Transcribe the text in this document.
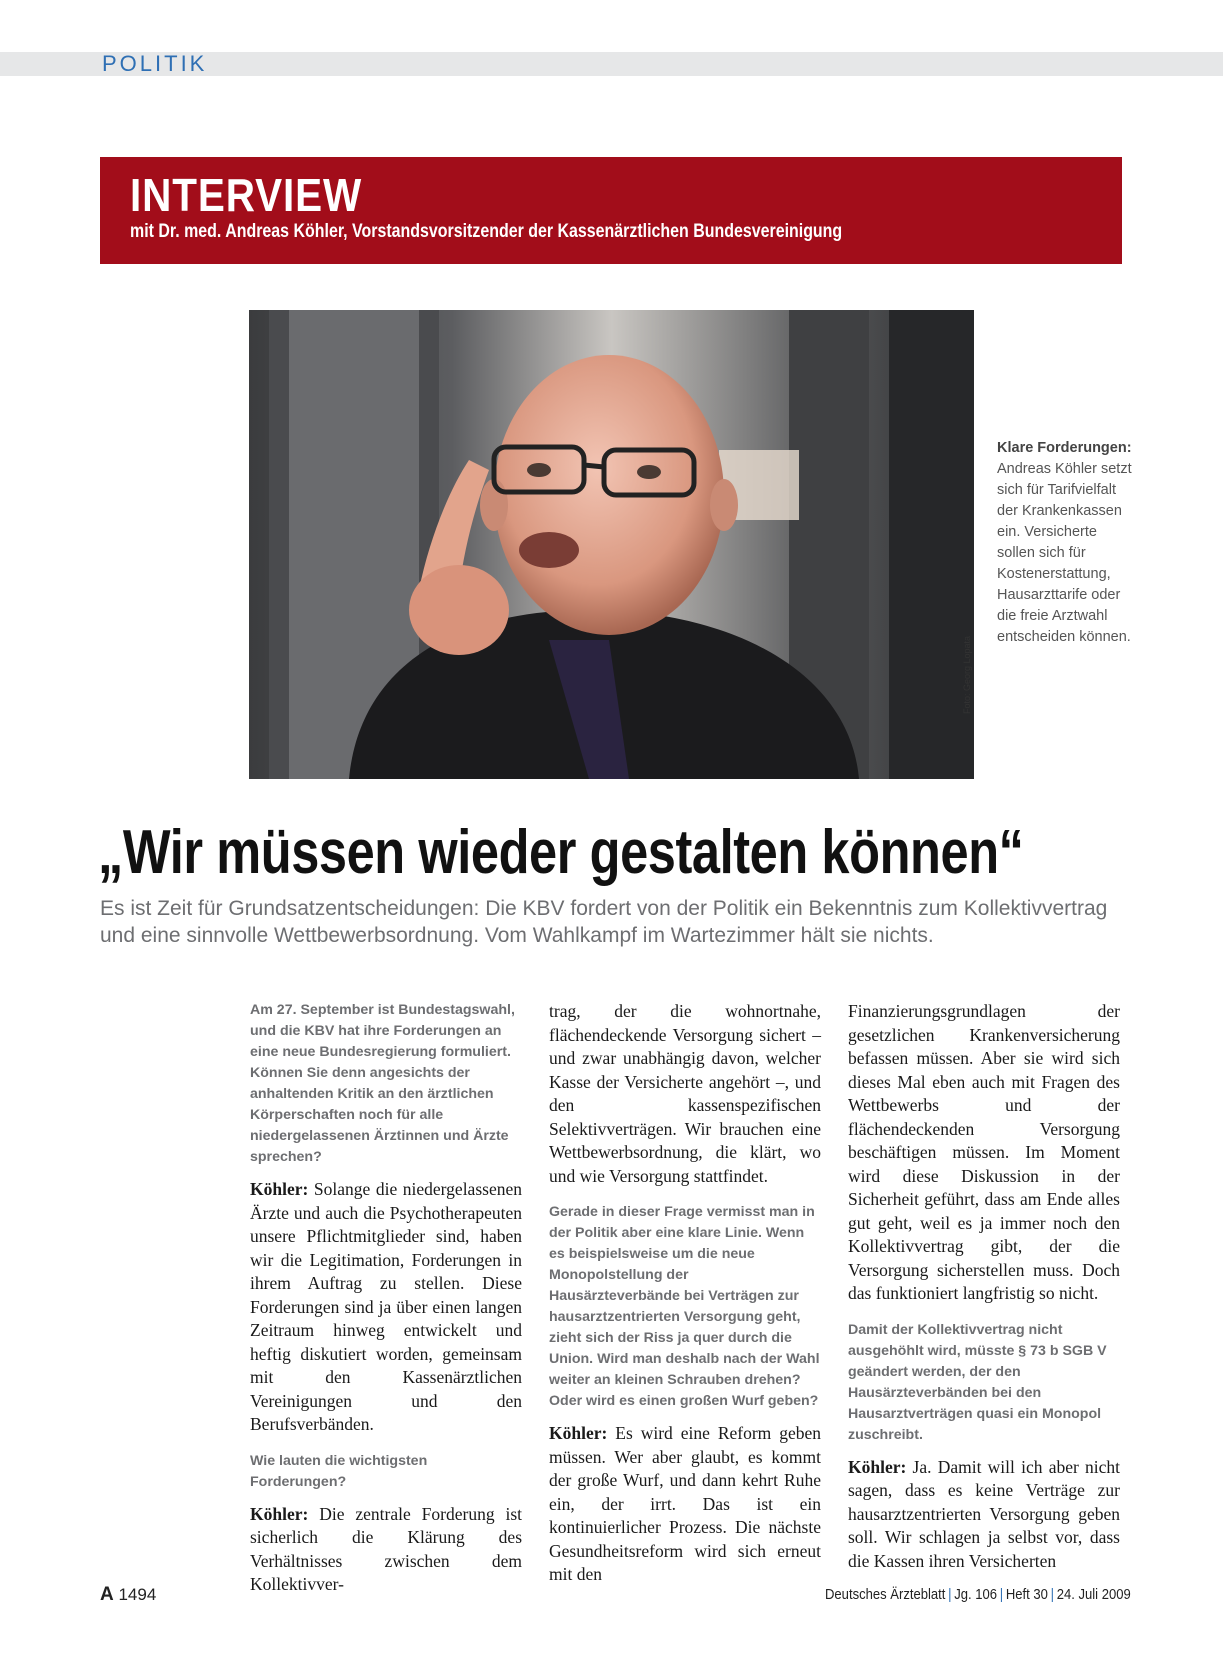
POLITIK
INTERVIEW
mit Dr. med. Andreas Köhler, Vorstandsvorsitzender der Kassenärztlichen Bundesvereinigung
Foto: Georg Lopata
Klare Forderungen: Andreas Köhler setzt sich für Tarifvielfalt der Krankenkassen ein. Versicherte sollen sich für Kostenerstattung, Hausarzttarife oder die freie Arztwahl entscheiden können.
„Wir müssen wieder gestalten können“
Es ist Zeit für Grundsatzentscheidungen: Die KBV fordert von der Politik ein Bekenntnis zum Kollektivvertrag und eine sinnvolle Wettbewerbsordnung. Vom Wahlkampf im Wartezimmer hält sie nichts.

Am 27. September ist Bundestagswahl, und die KBV hat ihre Forderungen an eine neue Bundesregierung formuliert. Können Sie denn angesichts der anhaltenden Kritik an den ärztlichen Körperschaften noch für alle niedergelassenen Ärztinnen und Ärzte sprechen?

Köhler: Solange die niedergelassenen Ärzte und auch die Psychotherapeuten unsere Pflichtmitglieder sind, haben wir die Legitimation, Forderungen in ihrem Auftrag zu stellen. Diese Forderungen sind ja über einen langen Zeitraum hinweg entwickelt und heftig diskutiert worden, gemeinsam mit den Kassenärztlichen Vereinigungen und den Berufsverbänden.

Wie lauten die wichtigsten Forderungen?

Köhler: Die zentrale Forderung ist sicherlich die Klärung des Verhältnisses zwischen dem Kollektivver-

trag, der die wohnortnahe, flächendeckende Versorgung sichert – und zwar unabhängig davon, welcher Kasse der Versicherte angehört –, und den kassenspezifischen Selektivverträgen. Wir brauchen eine Wettbewerbsordnung, die klärt, wo und wie Versorgung stattfindet.

Gerade in dieser Frage vermisst man in der Politik aber eine klare Linie. Wenn es beispielsweise um die neue Monopolstellung der Hausärzteverbände bei Verträgen zur hausarztzentrierten Versorgung geht, zieht sich der Riss ja quer durch die Union. Wird man deshalb nach der Wahl weiter an kleinen Schrauben drehen? Oder wird es einen großen Wurf geben?

Köhler: Es wird eine Reform geben müssen. Wer aber glaubt, es kommt der große Wurf, und dann kehrt Ruhe ein, der irrt. Das ist ein kontinuierlicher Prozess. Die nächste Gesundheitsreform wird sich erneut mit den

Finanzierungsgrundlagen der gesetzlichen Krankenversicherung befassen müssen. Aber sie wird sich dieses Mal eben auch mit Fragen des Wettbewerbs und der flächendeckenden Versorgung beschäftigen müssen. Im Moment wird diese Diskussion in der Sicherheit geführt, dass am Ende alles gut geht, weil es ja immer noch den Kollektivvertrag gibt, der die Versorgung sicherstellen muss. Doch das funktioniert langfristig so nicht.

Damit der Kollektivvertrag nicht ausgehöhlt wird, müsste § 73 b SGB V geändert werden, der den Hausärzteverbänden bei den Hausarztverträgen quasi ein Monopol zuschreibt.

Köhler: Ja. Damit will ich aber nicht sagen, dass es keine Verträge zur hausarztzentrierten Versorgung geben soll. Wir schlagen ja selbst vor, dass die Kassen ihren Versicherten

A 1494	Deutsches Ärzteblatt | Jg. 106 | Heft 30 | 24. Juli 2009
